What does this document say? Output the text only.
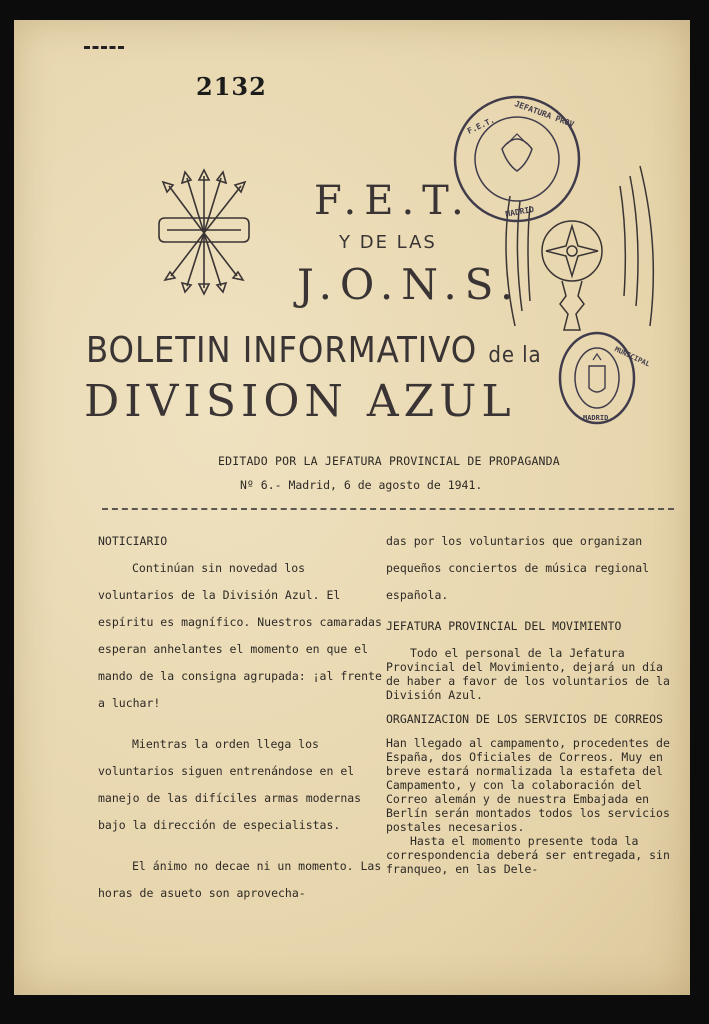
2132
F.E.T.
Y DE LAS
J.O.N.S.
F.E.T. JEFATURA PROV
MADRID
MUNICIPAL
MADRID
BOLETIN INFORMATIVO de la
DIVISION AZUL
EDITADO POR LA JEFATURA PROVINCIAL DE PROPAGANDA
Nº 6.- Madrid, 6 de agosto de 1941.

NOTICIARIO

Continúan sin novedad los voluntarios de la División Azul. El espíritu es magnífico. Nuestros camaradas esperan anhelantes el momento en que el mando de la consigna agrupada: ¡al frente a luchar!

Mientras la orden llega los voluntarios siguen entrenándose en el manejo de las difíciles armas modernas bajo la dirección de especialistas.

El ánimo no decae ni un momento. Las horas de asueto son aprovecha-

das por los voluntarios que organizan pequeños conciertos de música regional española.

JEFATURA PROVINCIAL DEL MOVIMIENTO

Todo el personal de la Jefatura Provincial del Movimiento, dejará un día de haber a favor de los voluntarios de la División Azul.

ORGANIZACION DE LOS SERVICIOS DE CORREOS

Han llegado al campamento, procedentes de España, dos Oficiales de Correos. Muy en breve estará normalizada la estafeta del Campamento, y con la colaboración del Correo alemán y de nuestra Embajada en Berlín serán montados todos los servicios postales necesarios.

Hasta el momento presente toda la correspondencia deberá ser entregada, sin franqueo, en las Dele-
